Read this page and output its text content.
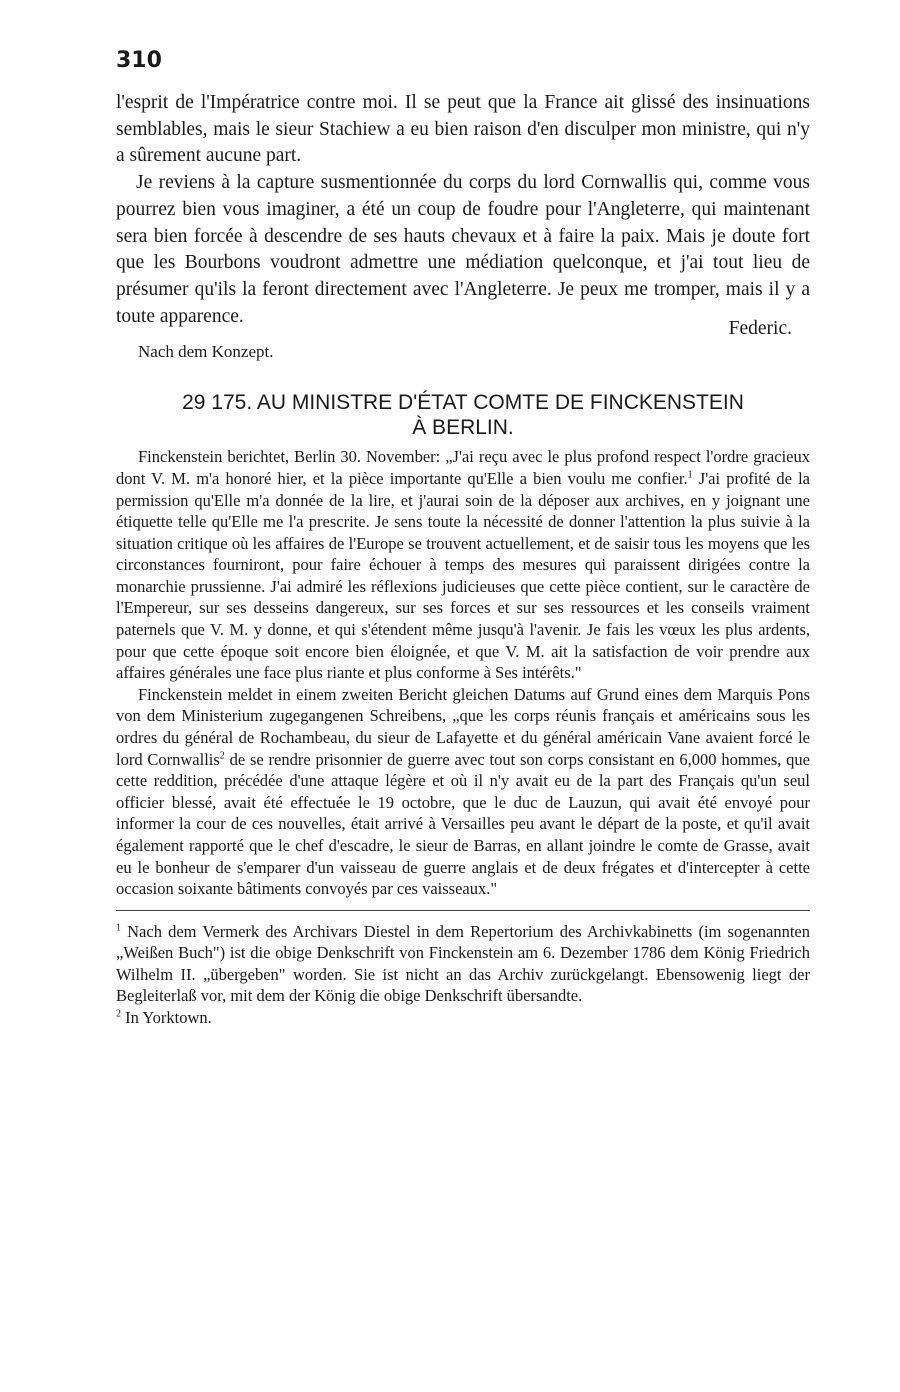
310

l'esprit de l'Impératrice contre moi. Il se peut que la France ait glissé des insinuations semblables, mais le sieur Stachiew a eu bien raison d'en disculper mon ministre, qui n'y a sûrement aucune part.

Je reviens à la capture susmentionnée du corps du lord Cornwallis qui, comme vous pourrez bien vous imaginer, a été un coup de foudre pour l'Angleterre, qui maintenant sera bien forcée à descendre de ses hauts chevaux et à faire la paix. Mais je doute fort que les Bourbons voudront admettre une médiation quelconque, et j'ai tout lieu de présumer qu'ils la feront directement avec l'Angleterre. Je peux me tromper, mais il y a toute apparence.

Federic.
Nach dem Konzept.
29 175. AU MINISTRE D'ÉTAT COMTE DE FINCKENSTEIN
À BERLIN.

Finckenstein berichtet, Berlin 30. November: „J'ai reçu avec le plus profond respect l'ordre gracieux dont V. M. m'a honoré hier, et la pièce importante qu'Elle a bien voulu me confier.$^1$ J'ai profité de la permission qu'Elle m'a donnée de la lire, et j'aurai soin de la déposer aux archives, en y joignant une étiquette telle qu'Elle me l'a prescrite. Je sens toute la nécessité de donner l'attention la plus suivie à la situation critique où les affaires de l'Europe se trouvent actuellement, et de saisir tous les moyens que les circonstances fourniront, pour faire échouer à temps des mesures qui paraissent dirigées contre la monarchie prussienne. J'ai admiré les réflexions judicieuses que cette pièce contient, sur le caractère de l'Empereur, sur ses desseins dangereux, sur ses forces et sur ses ressources et les conseils vraiment paternels que V. M. y donne, et qui s'étendent même jusqu'à l'avenir. Je fais les vœux les plus ardents, pour que cette époque soit encore bien éloignée, et que V. M. ait la satisfaction de voir prendre aux affaires générales une face plus riante et plus conforme à Ses intérêts."

Finckenstein meldet in einem zweiten Bericht gleichen Datums auf Grund eines dem Marquis Pons von dem Ministerium zugegangenen Schreibens, „que les corps réunis français et américains sous les ordres du général de Rochambeau, du sieur de Lafayette et du général américain Vane avaient forcé le lord Cornwallis$^2$ de se rendre prisonnier de guerre avec tout son corps consistant en 6,000 hommes, que cette reddition, précédée d'une attaque légère et où il n'y avait eu de la part des Français qu'un seul officier blessé, avait été effectuée le 19 octobre, que le duc de Lauzun, qui avait été envoyé pour informer la cour de ces nouvelles, était arrivé à Versailles peu avant le départ de la poste, et qu'il avait également rapporté que le chef d'escadre, le sieur de Barras, en allant joindre le comte de Grasse, avait eu le bonheur de s'emparer d'un vaisseau de guerre anglais et de deux frégates et d'intercepter à cette occasion soixante bâtiments convoyés par ces vaisseaux."

$^1$ Nach dem Vermerk des Archivars Diestel in dem Repertorium des Archivkabinetts (im sogenannten „Weißen Buch") ist die obige Denkschrift von Finckenstein am 6. Dezember 1786 dem König Friedrich Wilhelm II. „übergeben" worden. Sie ist nicht an das Archiv zurückgelangt. Ebensowenig liegt der Begleiterlaß vor, mit dem der König die obige Denkschrift übersandte.

$^2$ In Yorktown.
